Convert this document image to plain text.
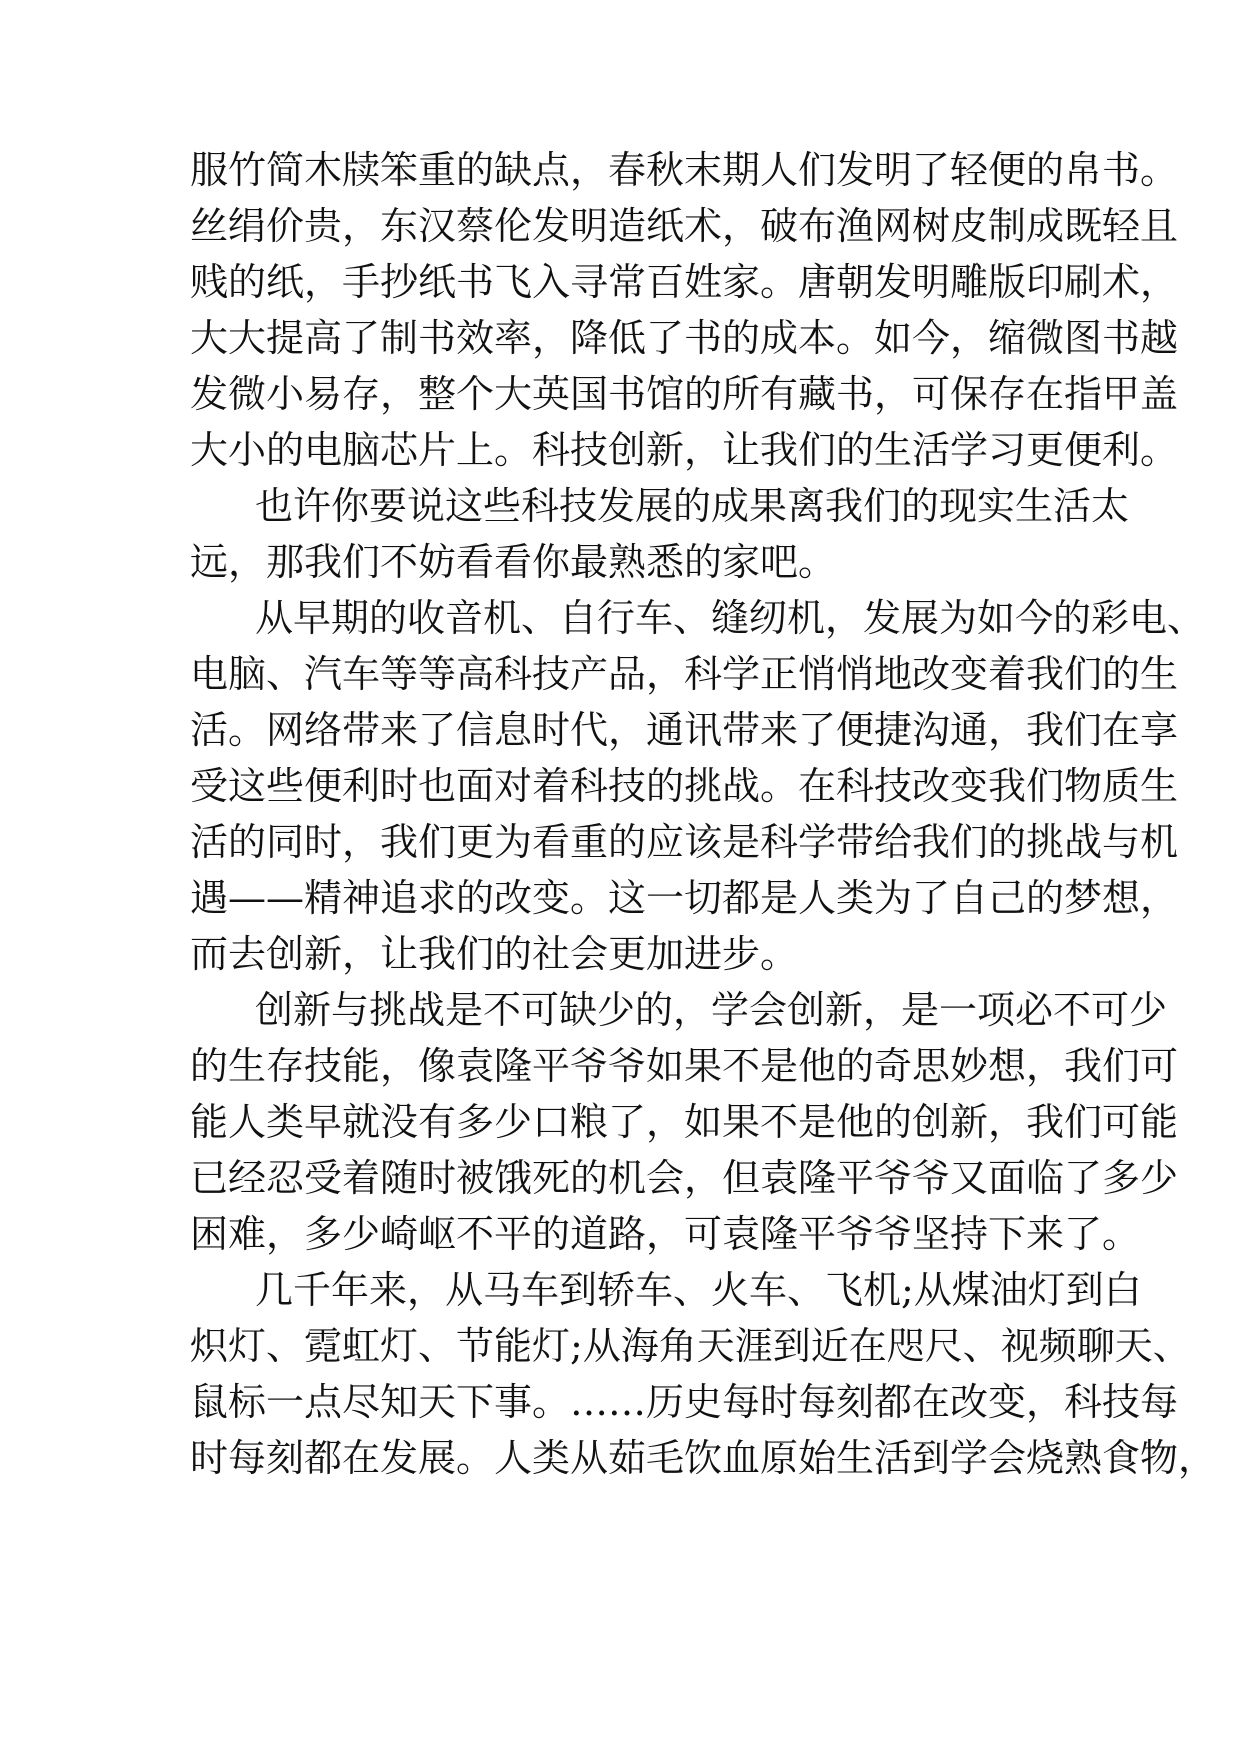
服竹简木牍笨重的缺点，春秋末期人们发明了轻便的帛书。
丝绢价贵，东汉蔡伦发明造纸术，破布渔网树皮制成既轻且
贱的纸，手抄纸书飞入寻常百姓家。唐朝发明雕版印刷术，
大大提高了制书效率，降低了书的成本。如今，缩微图书越
发微小易存，整个大英国书馆的所有藏书，可保存在指甲盖
大小的电脑芯片上。科技创新，让我们的生活学习更便利。
也许你要说这些科技发展的成果离我们的现实生活太
远，那我们不妨看看你最熟悉的家吧。
从早期的收音机、自行车、缝纫机，发展为如今的彩电、
电脑、汽车等等高科技产品，科学正悄悄地改变着我们的生
活。网络带来了信息时代，通讯带来了便捷沟通，我们在享
受这些便利时也面对着科技的挑战。在科技改变我们物质生
活的同时，我们更为看重的应该是科学带给我们的挑战与机
遇——精神追求的改变。这一切都是人类为了自己的梦想，
而去创新，让我们的社会更加进步。
创新与挑战是不可缺少的，学会创新，是一项必不可少
的生存技能，像袁隆平爷爷如果不是他的奇思妙想，我们可
能人类早就没有多少口粮了，如果不是他的创新，我们可能
已经忍受着随时被饿死的机会，但袁隆平爷爷又面临了多少
困难，多少崎岖不平的道路，可袁隆平爷爷坚持下来了。
几千年来，从马车到轿车、火车、飞机;从煤油灯到白
炽灯、霓虹灯、节能灯;从海角天涯到近在咫尺、视频聊天、
鼠标一点尽知天下事。……历史每时每刻都在改变，科技每
时每刻都在发展。人类从茹毛饮血原始生活到学会烧熟食物，
